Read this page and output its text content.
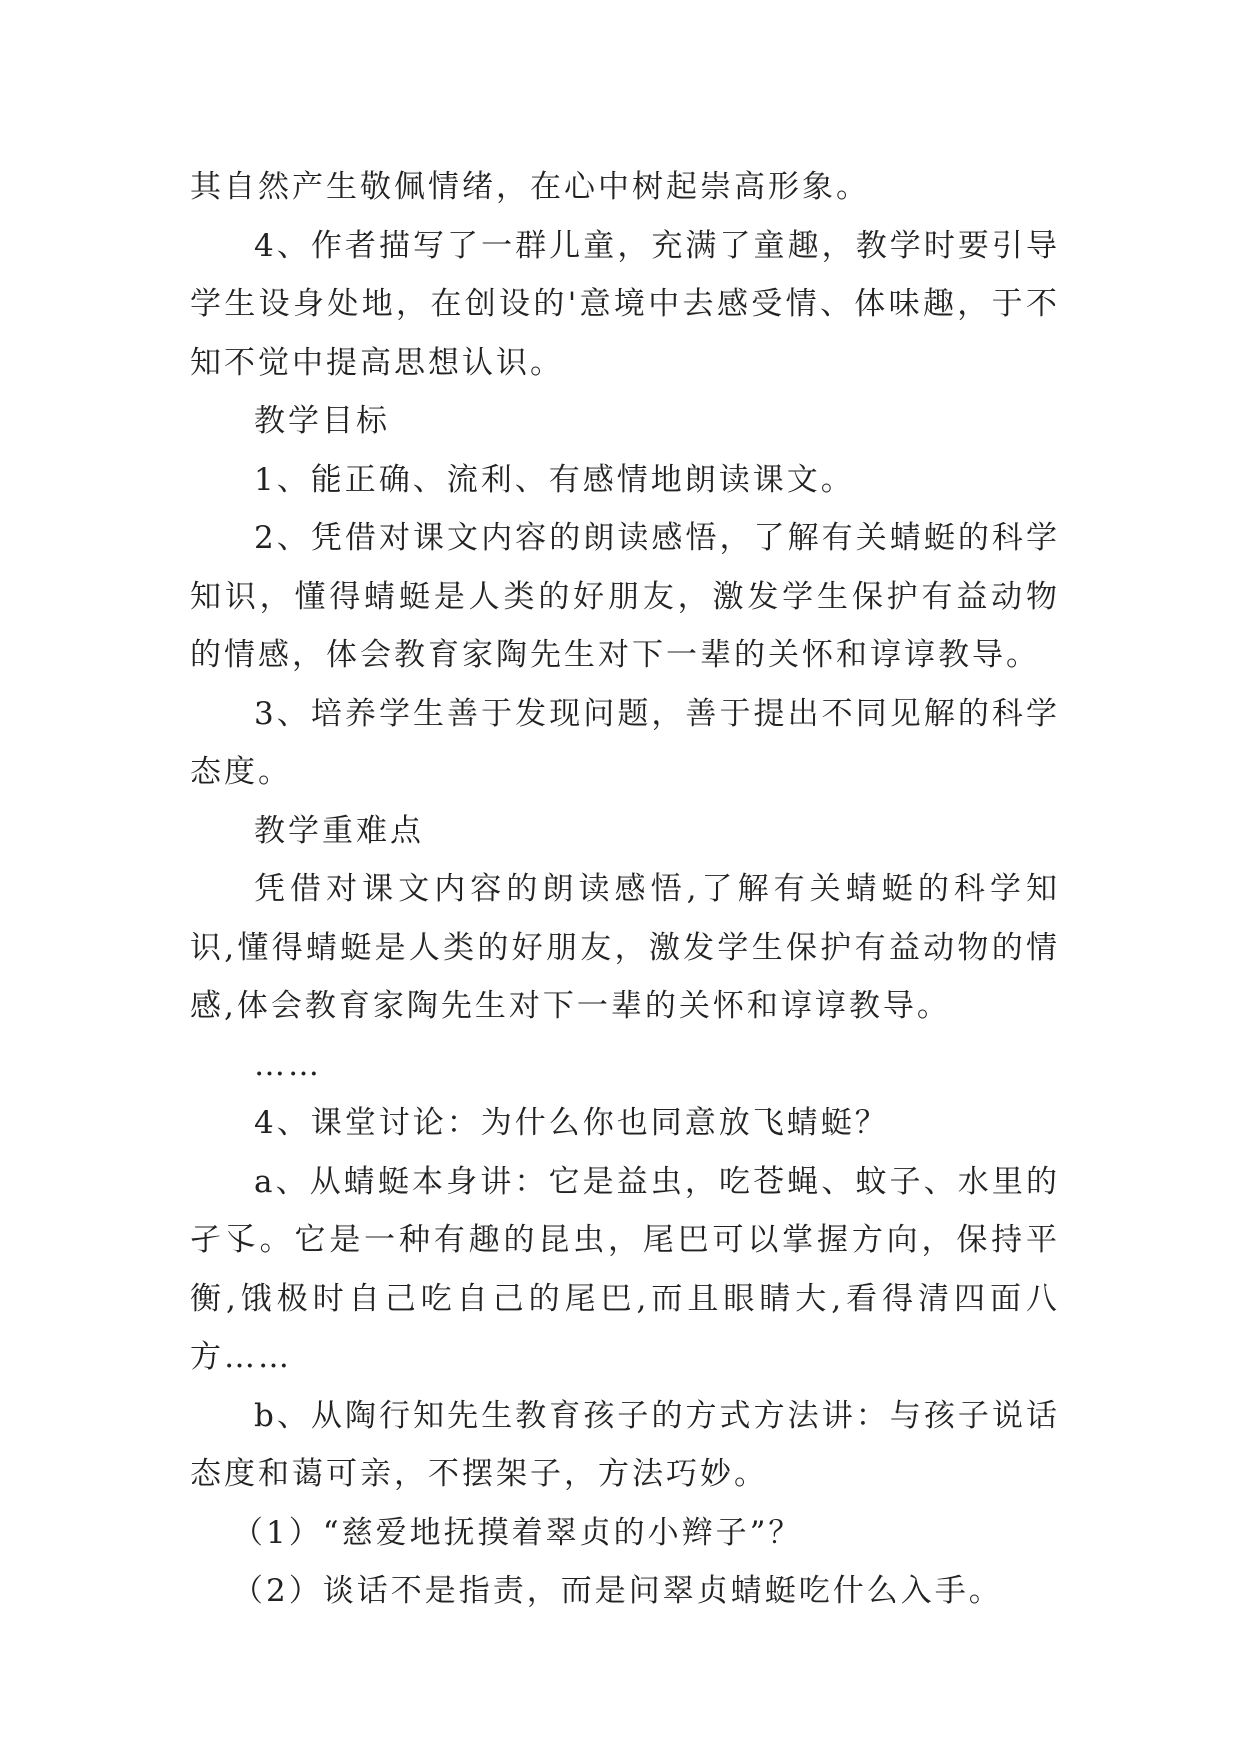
其自然产生敬佩情绪，在心中树起崇高形象。

4、作者描写了一群儿童，充满了童趣，教学时要引导学生设身处地，在创设的'意境中去感受情、体味趣，于不知不觉中提高思想认识。

教学目标

1、能正确、流利、有感情地朗读课文。

2、凭借对课文内容的朗读感悟，了解有关蜻蜓的科学知识，懂得蜻蜓是人类的好朋友，激发学生保护有益动物的情感，体会教育家陶先生对下一辈的关怀和谆谆教导。

3、培养学生善于发现问题，善于提出不同见解的科学态度。

教学重难点

凭借对课文内容的朗读感悟,了解有关蜻蜓的科学知识,懂得蜻蜓是人类的好朋友，激发学生保护有益动物的情感,体会教育家陶先生对下一辈的关怀和谆谆教导。

……

4、课堂讨论：为什么你也同意放飞蜻蜓？

a、从蜻蜓本身讲：它是益虫，吃苍蝇、蚊子、水里的孑孓。它是一种有趣的昆虫，尾巴可以掌握方向，保持平衡,饿极时自己吃自己的尾巴,而且眼睛大,看得清四面八方……

b、从陶行知先生教育孩子的方式方法讲：与孩子说话态度和蔼可亲，不摆架子，方法巧妙。

（1）“慈爱地抚摸着翠贞的小辫子”？

（2）谈话不是指责，而是问翠贞蜻蜓吃什么入手。
